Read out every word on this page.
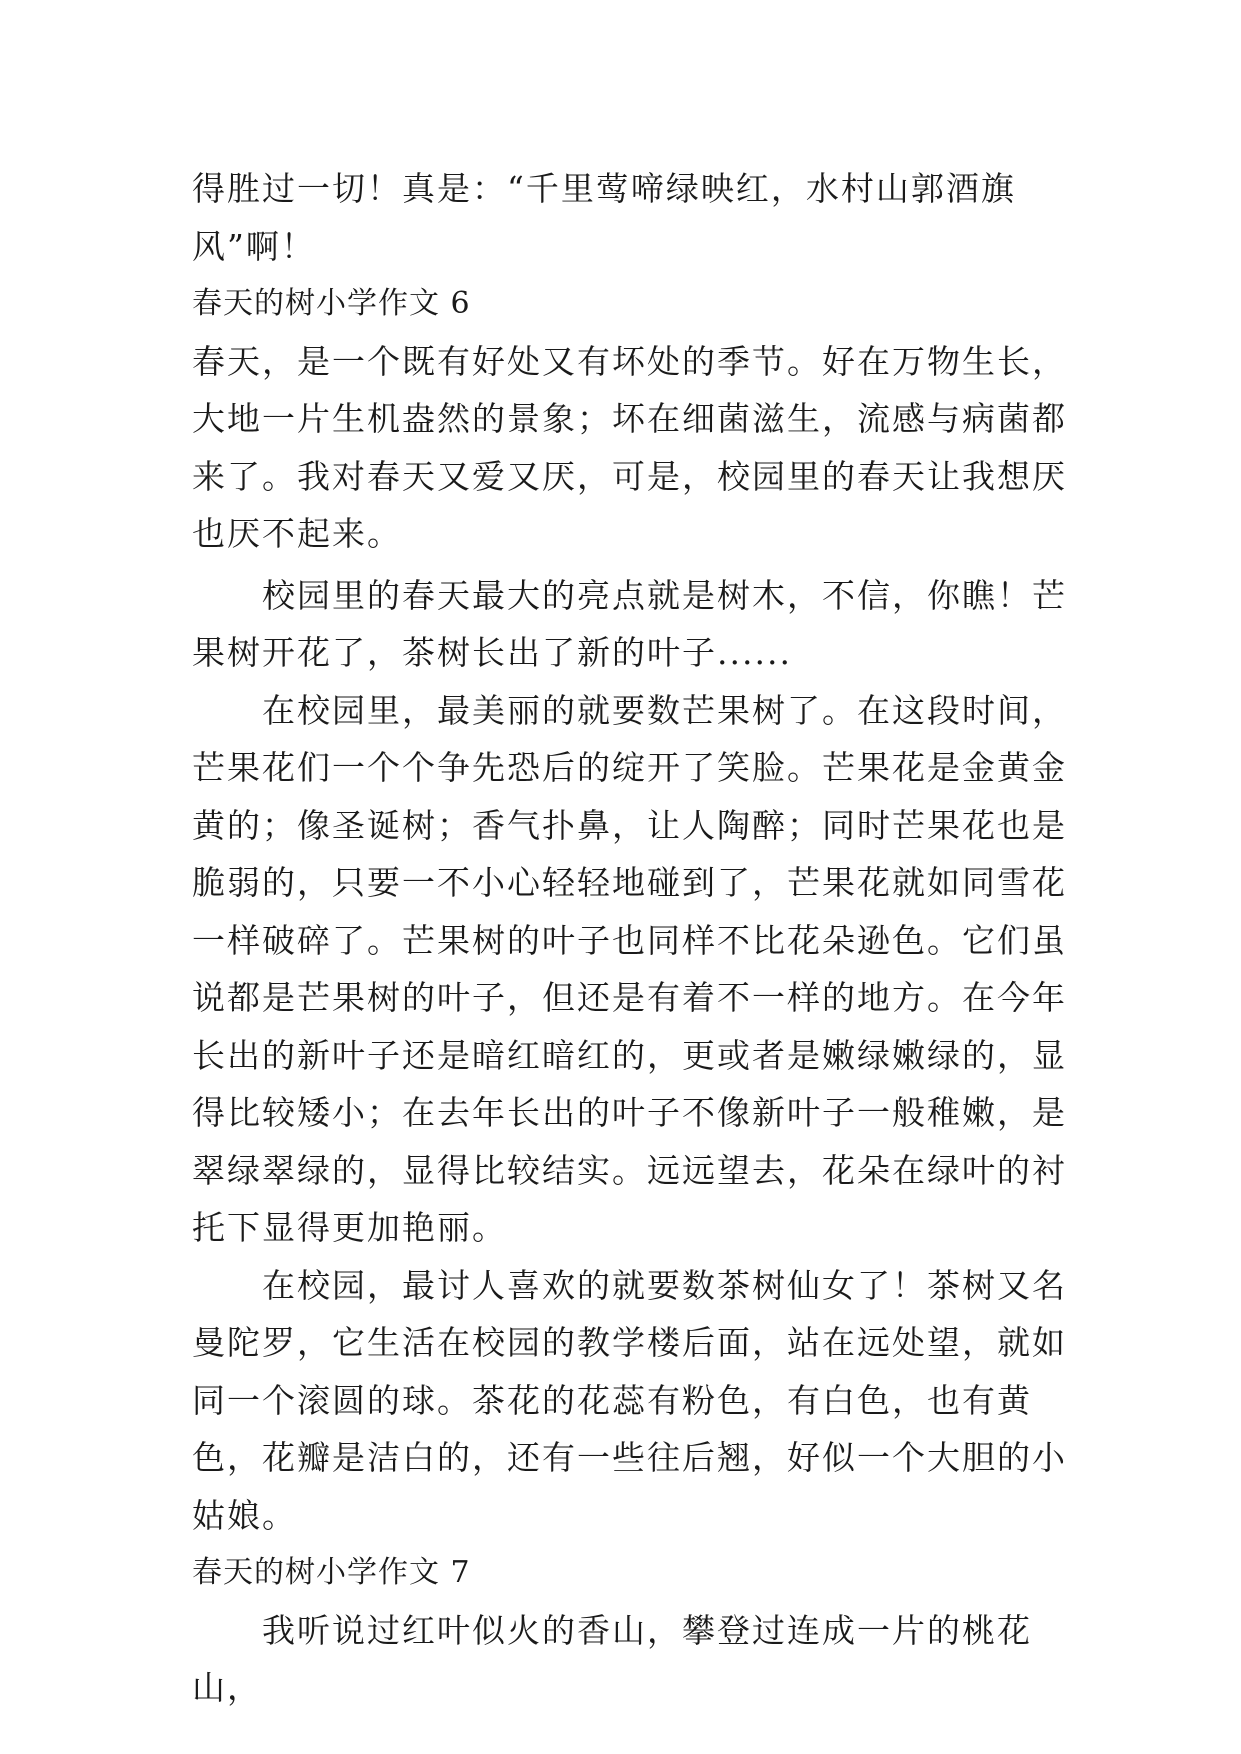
得胜过一切！真是：“千里莺啼绿映红，水村山郭酒旗风”啊！

春天的树小学作文 6

春天，是一个既有好处又有坏处的季节。好在万物生长，大地一片生机盎然的景象；坏在细菌滋生，流感与病菌都来了。我对春天又爱又厌，可是，校园里的春天让我想厌也厌不起来。

校园里的春天最大的亮点就是树木，不信，你瞧！芒果树开花了，茶树长出了新的叶子......

在校园里，最美丽的就要数芒果树了。在这段时间，芒果花们一个个争先恐后的绽开了笑脸。芒果花是金黄金黄的；像圣诞树；香气扑鼻，让人陶醉；同时芒果花也是脆弱的，只要一不小心轻轻地碰到了，芒果花就如同雪花一样破碎了。芒果树的叶子也同样不比花朵逊色。它们虽说都是芒果树的叶子，但还是有着不一样的地方。在今年长出的新叶子还是暗红暗红的，更或者是嫩绿嫩绿的，显得比较矮小；在去年长出的叶子不像新叶子一般稚嫩，是翠绿翠绿的，显得比较结实。远远望去，花朵在绿叶的衬托下显得更加艳丽。

在校园，最讨人喜欢的就要数茶树仙女了！茶树又名曼陀罗，它生活在校园的教学楼后面，站在远处望，就如同一个滚圆的球。茶花的花蕊有粉色，有白色，也有黄色，花瓣是洁白的，还有一些往后翘，好似一个大胆的小姑娘。

春天的树小学作文 7

我听说过红叶似火的香山，攀登过连成一片的桃花山，
